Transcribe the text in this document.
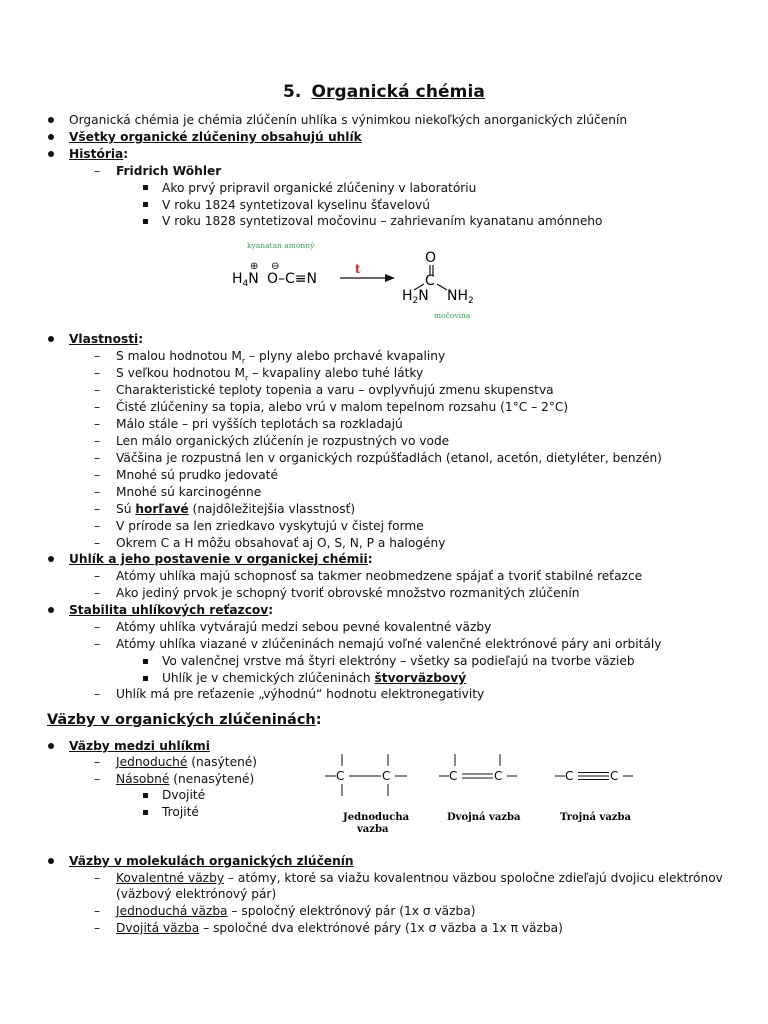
5. Organická chémia
Organická chémia je chémia zlúčenín uhlíka s výnimkou niekoľkých anorganických zlúčenín
Všetky organické zlúčeniny obsahujú uhlík
História:
– Fridrich Wöhler
Ako prvý pripravil organické zlúčeniny v laboratóriu
V roku 1824 syntetizoval kyselinu šťavelovú
V roku 1828 syntetizoval močovinu – zahrievaním kyanatanu amónneho
kyanatan amonný
⊕ ⊖
$H_4N$ O–C≡N
t
O
C
$H_2N$ $NH_2$
močovina
Vlastnosti:
– S malou hodnotou $M_r$ – plyny alebo prchavé kvapaliny
– S veľkou hodnotou $M_r$ – kvapaliny alebo tuhé látky
– Charakteristické teploty topenia a varu – ovplyvňujú zmenu skupenstva
– Čisté zlúčeniny sa topia, alebo vrú v malom tepelnom rozsahu (1°C – 2°C)
– Málo stále – pri vyšších teplotách sa rozkladajú
– Len málo organických zlúčenín je rozpustných vo vode
– Väčšina je rozpustná len v organických rozpúšťadlách (etanol, acetón, dietyléter, benzén)
– Mnohé sú prudko jedovaté
– Mnohé sú karcinogénne
– Sú horľavé (najdôležitejšia vlasstnosť)
– V prírode sa len zriedkavo vyskytujú v čistej forme
– Okrem C a H môžu obsahovať aj O, S, N, P a halogény
Uhlík a jeho postavenie v organickej chémii:
– Atómy uhlíka majú schopnosť sa takmer neobmedzene spájať a tvoriť stabilné reťazce
– Ako jediný prvok je schopný tvoriť obrovské množstvo rozmanitých zlúčenín
Stabilita uhlíkových reťazcov:
– Atómy uhlíka vytvárajú medzi sebou pevné kovalentné väzby
– Atómy uhlíka viazané v zlúčeninách nemajú voľné valenčné elektrónové páry ani orbitály
Vo valenčnej vrstve má štyri elektróny – všetky sa podieľajú na tvorbe väzieb
Uhlík je v chemických zlúčeninách štvorväzbový
– Uhlík má pre reťazenie „výhodnú“ hodnotu elektronegativity
Väzby v organických zlúčeninách:
Väzby medzi uhlíkmi
– Jednoduché (nasýtené)
– Násobné (nenasýtené)
Dvojité
Trojité
C	C	C	C	C	C
Jednoducha
vazba
Dvojná vazba	Trojná vazba
Väzby v molekulách organických zlúčenín
– Kovalentné väzby – atómy, ktoré sa viažu kovalentnou väzbou spoločne zdieľajú dvojicu elektrónov
(väzbový elektrónový pár)
– Jednoduchá väzba – spoločný elektrónový pár (1x σ väzba)
– Dvojitá väzba – spoločné dva elektrónové páry (1x σ väzba a 1x π väzba)
